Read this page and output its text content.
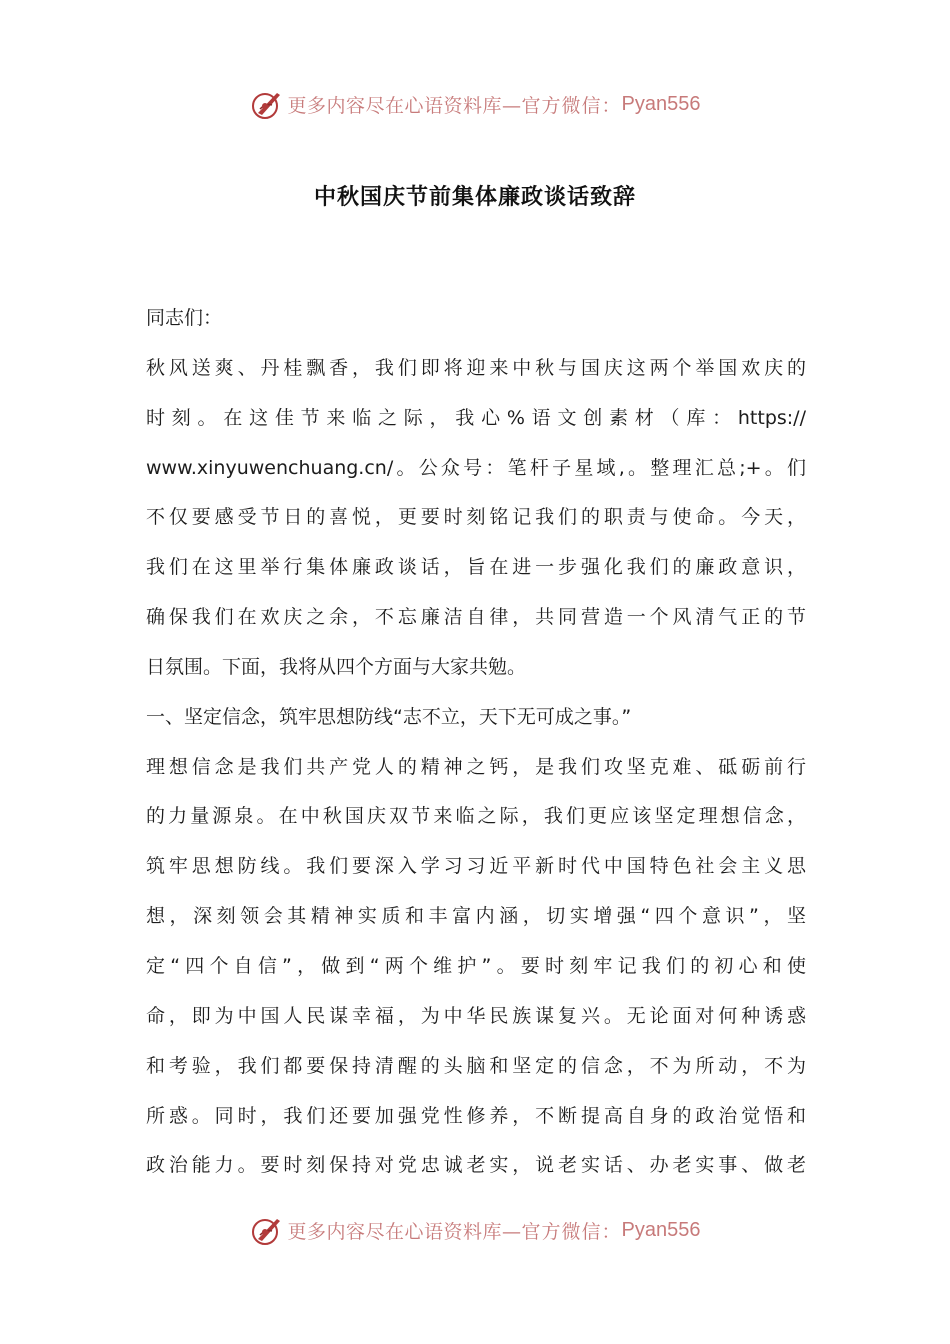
更多内容尽在心语资料库— 官方微信： Pyan556
中秋国庆节前集体廉政谈话致辞
同志们：
秋风送爽、丹桂飘香，我们即将迎来中秋与国庆这两个举国欢庆的
时刻。在这佳节来临之际，我心%语文创素材（库：https://
www.xinyuwenchuang.cn/。公众号：笔杆子星域,。整理汇总;+。们
不仅要感受节日的喜悦，更要时刻铭记我们的职责与使命。今天，
我们在这里举行集体廉政谈话，旨在进一步强化我们的廉政意识，
确保我们在欢庆之余，不忘廉洁自律，共同营造一个风清气正的节
日氛围。下面，我将从四个方面与大家共勉。
一、坚定信念，筑牢思想防线“志不立，天下无可成之事。”
理想信念是我们共产党人的精神之钙，是我们攻坚克难、砥砺前行
的力量源泉。在中秋国庆双节来临之际，我们更应该坚定理想信念，
筑牢思想防线。我们要深入学习习近平新时代中国特色社会主义思
想，深刻领会其精神实质和丰富内涵，切实增强“四个意识”，坚
定“四个自信”，做到“两个维护”。要时刻牢记我们的初心和使
命，即为中国人民谋幸福，为中华民族谋复兴。无论面对何种诱惑
和考验，我们都要保持清醒的头脑和坚定的信念，不为所动，不为
所惑。同时，我们还要加强党性修养，不断提高自身的政治觉悟和
政治能力。要时刻保持对党忠诚老实，说老实话、办老实事、做老
更多内容尽在心语资料库— 官方微信： Pyan556
